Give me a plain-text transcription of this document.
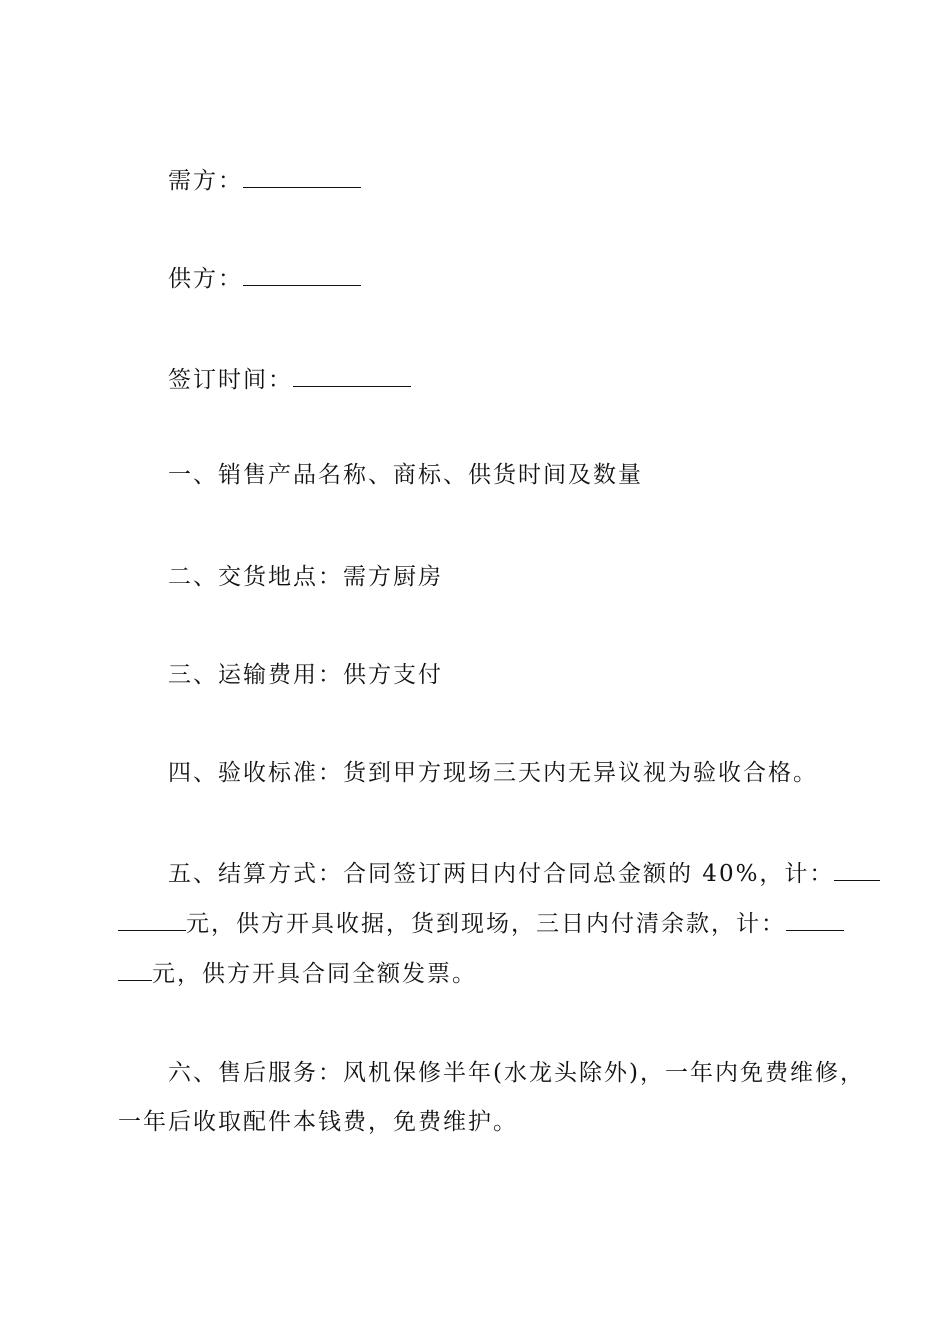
需方：
供方：
签订时间：
一、销售产品名称、商标、供货时间及数量
二、交货地点：需方厨房
三、运输费用：供方支付
四、验收标准：货到甲方现场三天内无异议视为验收合格。
五、结算方式：合同签订两日内付合同总金额的 40%，计：
元，供方开具收据，货到现场，三日内付清余款，计：
元，供方开具合同全额发票。
六、售后服务：风机保修半年(水龙头除外)，一年内免费维修，
一年后收取配件本钱费，免费维护。
